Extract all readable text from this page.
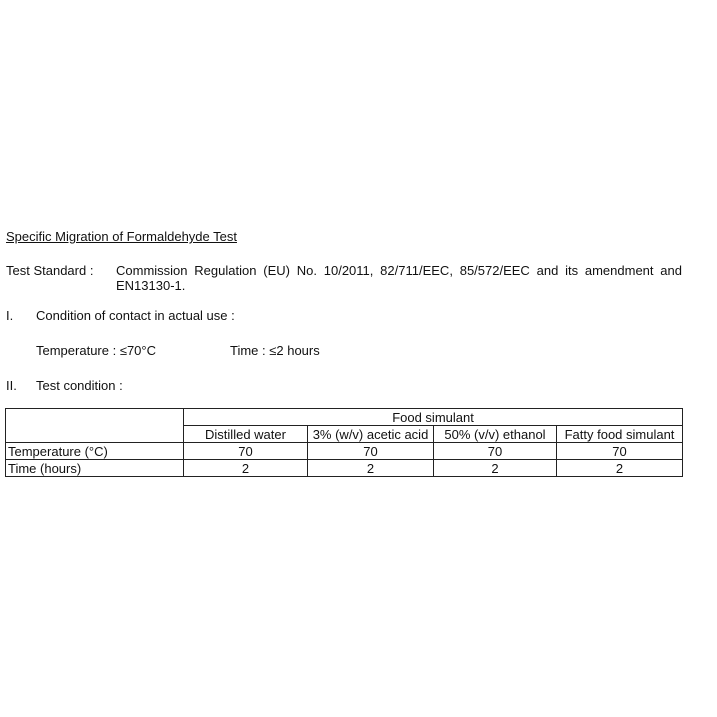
Specific Migration of Formaldehyde Test
Test Standard : Commission Regulation (EU) No. 10/2011, 82/711/EEC, 85/572/EEC and its amendment and EN13130-1.
I. Condition of contact in actual use :
Temperature : ≤70°C	Time : ≤2 hours
II. Test condition :
	Food simulant			
	Distilled water	3% (w/v) acetic acid	50% (v/v) ethanol	Fatty food simulant
Temperature (°C)	70	70	70	70
Time (hours)	2	2	2	2
